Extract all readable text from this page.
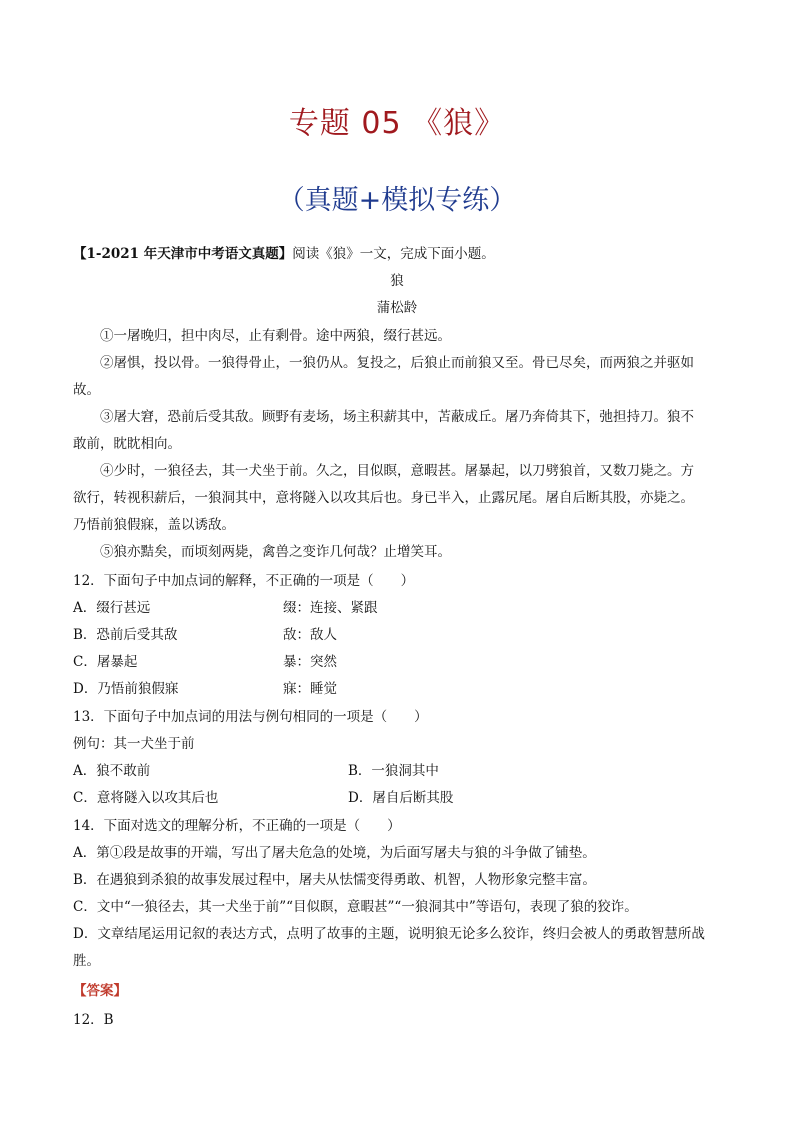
专题 05 《狼》
（真题+模拟专练）
【1-2021 年天津市中考语文真题】阅读《狼》一文，完成下面小题。
狼
蒲松龄
①一屠晚归，担中肉尽，止有剩骨。途中两狼，缀行甚远。
②屠惧，投以骨。一狼得骨止，一狼仍从。复投之，后狼止而前狼又至。骨已尽矣，而两狼之并驱如
故。
③屠大窘，恐前后受其敌。顾野有麦场，场主积薪其中，苫蔽成丘。屠乃奔倚其下，弛担持刀。狼不
敢前，眈眈相向。
④少时，一狼径去，其一犬坐于前。久之，目似瞑，意暇甚。屠暴起，以刀劈狼首，又数刀毙之。方
欲行，转视积薪后，一狼洞其中，意将隧入以攻其后也。身已半入，止露尻尾。屠自后断其股，亦毙之。
乃悟前狼假寐，盖以诱敌。
⑤狼亦黠矣，而顷刻两毙，禽兽之变诈几何哉？止增笑耳。
12．下面句子中加点词的解释，不正确的一项是（　　）
A．缀行甚远	缀：连接、紧跟
B．恐前后受其敌	敌：敌人
C．屠暴起	暴：突然
D．乃悟前狼假寐	寐：睡觉
13．下面句子中加点词的用法与例句相同的一项是（　　）
例句：其一犬坐于前
A．狼不敢前	B．一狼洞其中
C．意将隧入以攻其后也	D．屠自后断其股
14．下面对选文的理解分析，不正确的一项是（　　）
A．第①段是故事的开端，写出了屠夫危急的处境，为后面写屠夫与狼的斗争做了铺垫。
B．在遇狼到杀狼的故事发展过程中，屠夫从怯懦变得勇敢、机智，人物形象完整丰富。
C．文中“一狼径去，其一犬坐于前”“目似瞑，意暇甚”“一狼洞其中”等语句，表现了狼的狡诈。
D．文章结尾运用记叙的表达方式，点明了故事的主题，说明狼无论多么狡诈，终归会被人的勇敢智慧所战
胜。
【答案】
12．B
